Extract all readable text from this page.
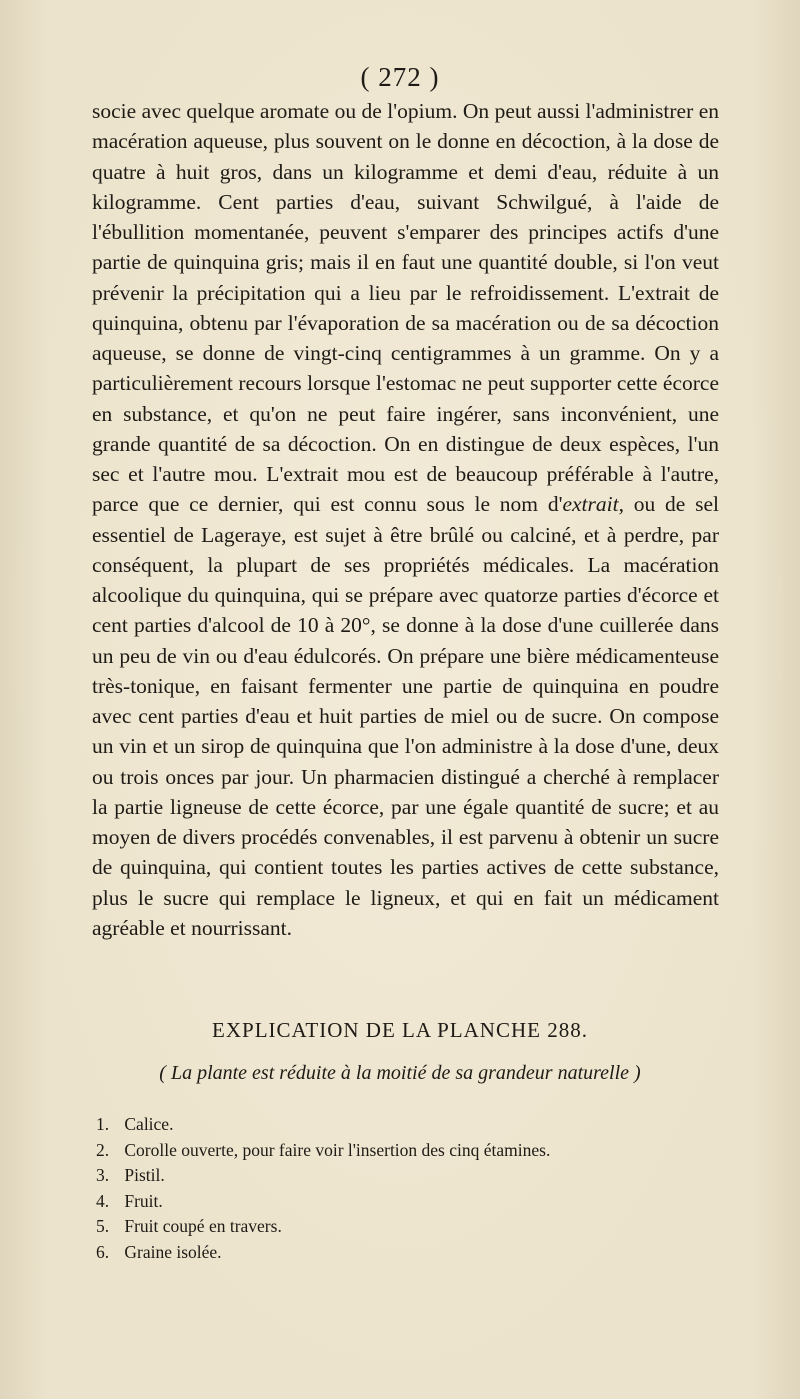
( 272 )

socie avec quelque aromate ou de l'opium. On peut aussi l'administrer en macération aqueuse, plus souvent on le donne en décoction, à la dose de quatre à huit gros, dans un kilogramme et demi d'eau, réduite à un kilogramme. Cent parties d'eau, suivant Schwilgué, à l'aide de l'ébullition momentanée, peuvent s'emparer des principes actifs d'une partie de quinquina gris; mais il en faut une quantité double, si l'on veut prévenir la précipitation qui a lieu par le refroidissement. L'extrait de quinquina, obtenu par l'évaporation de sa macération ou de sa décoction aqueuse, se donne de vingt-cinq centigrammes à un gramme. On y a particulièrement recours lorsque l'estomac ne peut supporter cette écorce en substance, et qu'on ne peut faire ingérer, sans inconvénient, une grande quantité de sa décoction. On en distingue de deux espèces, l'un sec et l'autre mou. L'extrait mou est de beaucoup préférable à l'autre, parce que ce dernier, qui est connu sous le nom d'extrait, ou de sel essentiel de Lageraye, est sujet à être brûlé ou calciné, et à perdre, par conséquent, la plupart de ses propriétés médicales. La macération alcoolique du quinquina, qui se prépare avec quatorze parties d'écorce et cent parties d'alcool de 10 à 20°, se donne à la dose d'une cuillerée dans un peu de vin ou d'eau édulcorés. On prépare une bière médicamenteuse très-tonique, en faisant fermenter une partie de quinquina en poudre avec cent parties d'eau et huit parties de miel ou de sucre. On compose un vin et un sirop de quinquina que l'on administre à la dose d'une, deux ou trois onces par jour. Un pharmacien distingué a cherché à remplacer la partie ligneuse de cette écorce, par une égale quantité de sucre; et au moyen de divers procédés convenables, il est parvenu à obtenir un sucre de quinquina, qui contient toutes les parties actives de cette substance, plus le sucre qui remplace le ligneux, et qui en fait un médicament agréable et nourrissant.

EXPLICATION DE LA PLANCHE 288.
( La plante est réduite à la moitié de sa grandeur naturelle )
1. Calice.
2. Corolle ouverte, pour faire voir l'insertion des cinq étamines.
3. Pistil.
4. Fruit.
5. Fruit coupé en travers.
6. Graine isolée.
